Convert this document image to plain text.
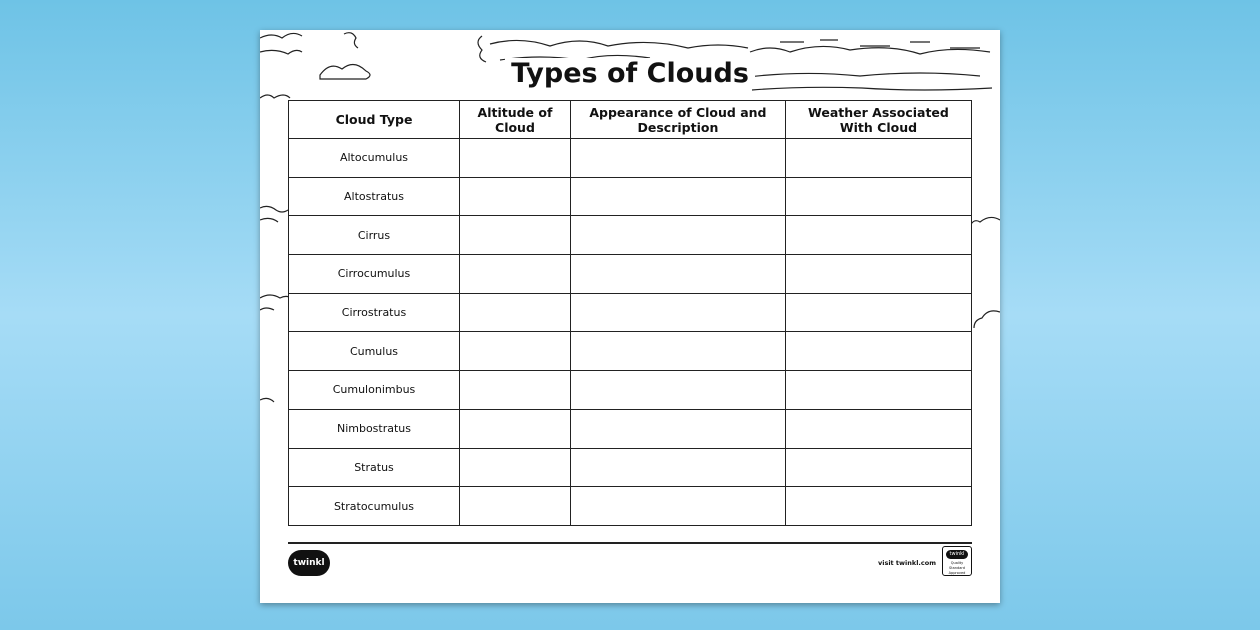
Types of Clouds
Cloud Type	Altitude of Cloud	Appearance of Cloud and Description	Weather Associated With Cloud
Altocumulus			
Altostratus			
Cirrus			
Cirrocumulus			
Cirrostratus			
Cumulus			
Cumulonimbus			
Nimbostratus			
Stratus			
Stratocumulus			
twinkl	visit twinkl.com
twinkl
Quality Standard Approved
